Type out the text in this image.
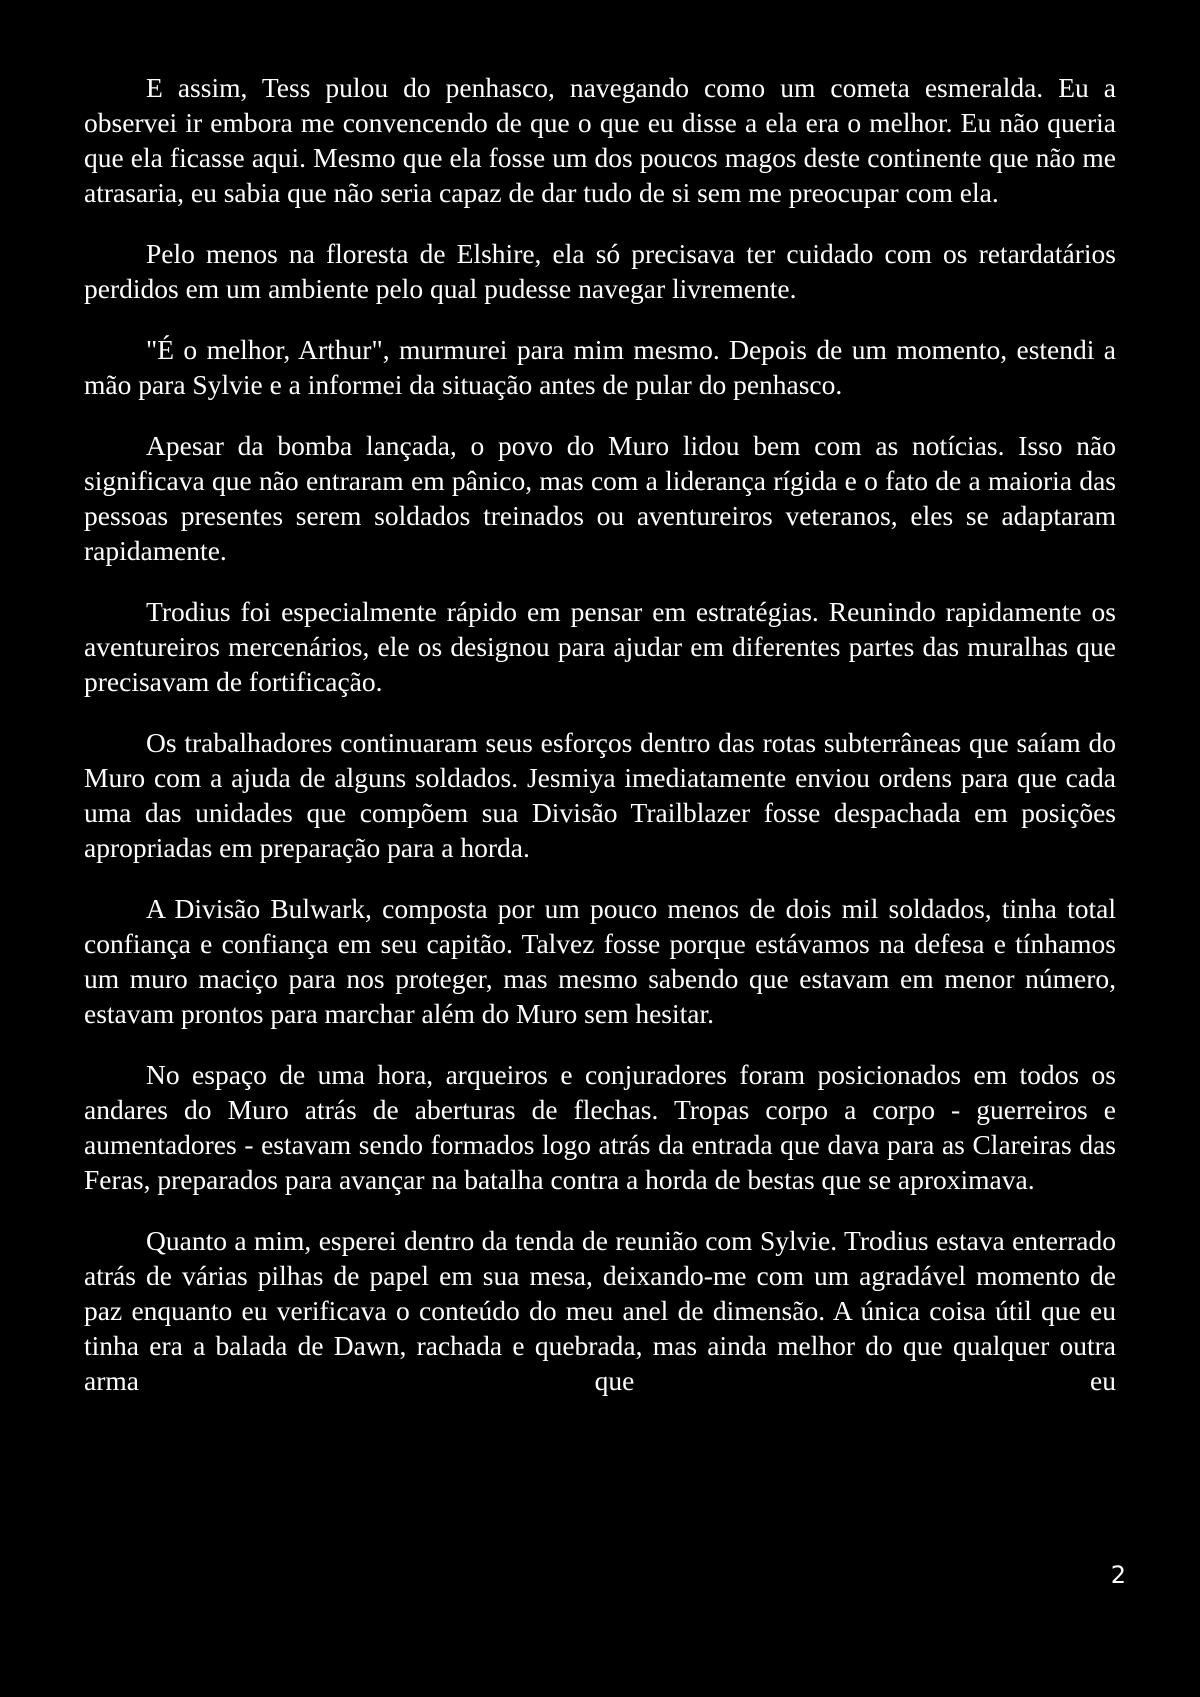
E assim, Tess pulou do penhasco, navegando como um cometa esmeralda. Eu a observei ir embora me convencendo de que o que eu disse a ela era o melhor. Eu não queria que ela ficasse aqui. Mesmo que ela fosse um dos poucos magos deste continente que não me atrasaria, eu sabia que não seria capaz de dar tudo de si sem me preocupar com ela.

Pelo menos na floresta de Elshire, ela só precisava ter cuidado com os retardatários perdidos em um ambiente pelo qual pudesse navegar livremente.

"É o melhor, Arthur", murmurei para mim mesmo. Depois de um momento, estendi a mão para Sylvie e a informei da situação antes de pular do penhasco.

Apesar da bomba lançada, o povo do Muro lidou bem com as notícias. Isso não significava que não entraram em pânico, mas com a liderança rígida e o fato de a maioria das pessoas presentes serem soldados treinados ou aventureiros veteranos, eles se adaptaram rapidamente.

Trodius foi especialmente rápido em pensar em estratégias. Reunindo rapidamente os aventureiros mercenários, ele os designou para ajudar em diferentes partes das muralhas que precisavam de fortificação.

Os trabalhadores continuaram seus esforços dentro das rotas subterrâneas que saíam do Muro com a ajuda de alguns soldados. Jesmiya imediatamente enviou ordens para que cada uma das unidades que compõem sua Divisão Trailblazer fosse despachada em posições apropriadas em preparação para a horda.

A Divisão Bulwark, composta por um pouco menos de dois mil soldados, tinha total confiança e confiança em seu capitão. Talvez fosse porque estávamos na defesa e tínhamos um muro maciço para nos proteger, mas mesmo sabendo que estavam em menor número, estavam prontos para marchar além do Muro sem hesitar.

No espaço de uma hora, arqueiros e conjuradores foram posicionados em todos os andares do Muro atrás de aberturas de flechas. Tropas corpo a corpo - guerreiros e aumentadores - estavam sendo formados logo atrás da entrada que dava para as Clareiras das Feras, preparados para avançar na batalha contra a horda de bestas que se aproximava.

Quanto a mim, esperei dentro da tenda de reunião com Sylvie. Trodius estava enterrado atrás de várias pilhas de papel em sua mesa, deixando-me com um agradável momento de paz enquanto eu verificava o conteúdo do meu anel de dimensão. A única coisa útil que eu tinha era a balada de Dawn, rachada e quebrada, mas ainda melhor do que qualquer outra arma que eu

2
